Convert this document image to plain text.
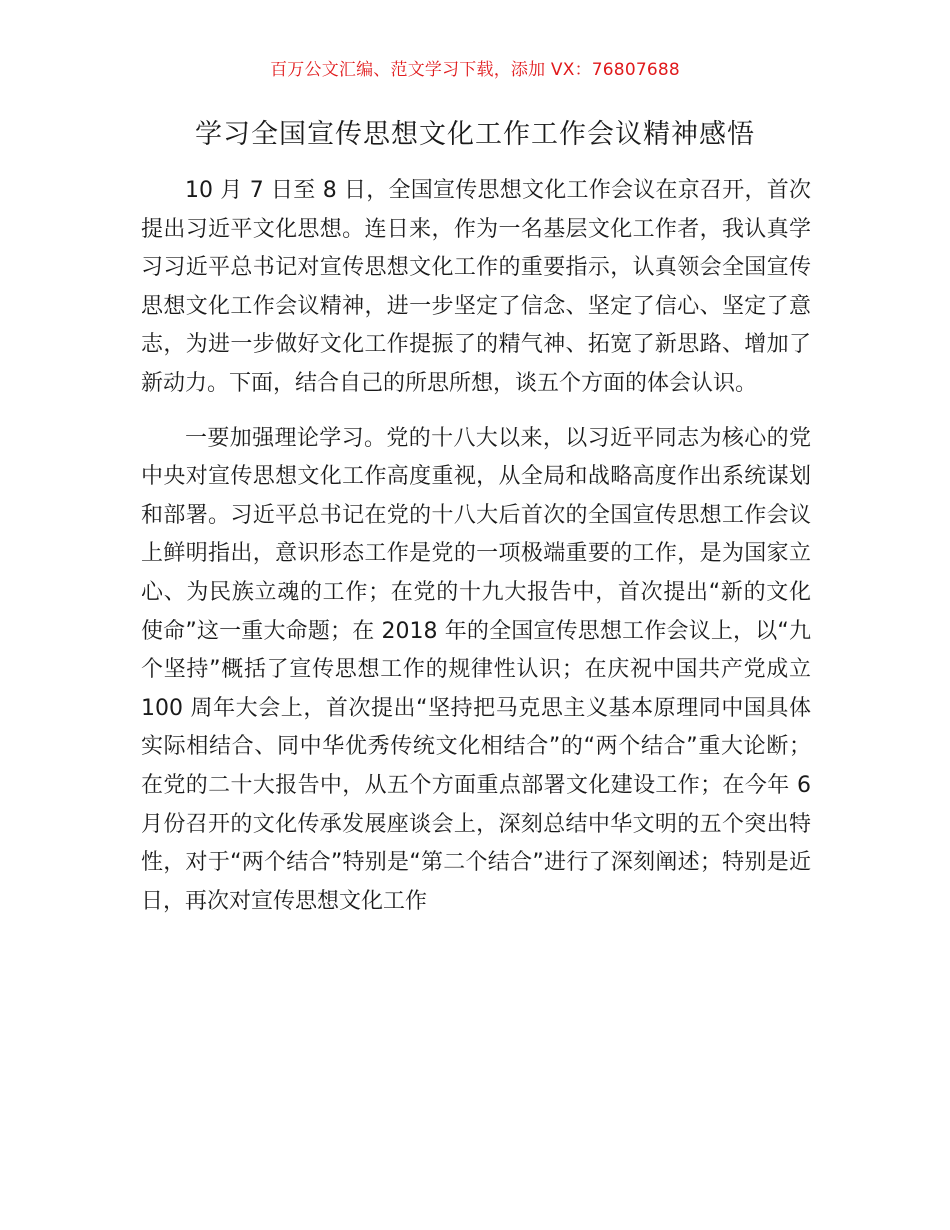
百万公文汇编、范文学习下载，添加 VX：76807688
学习全国宣传思想文化工作工作会议精神感悟

10 月 7 日至 8 日，全国宣传思想文化工作会议在京召开，首次提出习近平文化思想。连日来，作为一名基层文化工作者，我认真学习习近平总书记对宣传思想文化工作的重要指示，认真领会全国宣传思想文化工作会议精神，进一步坚定了信念、坚定了信心、坚定了意志，为进一步做好文化工作提振了的精气神、拓宽了新思路、增加了新动力。下面，结合自己的所思所想，谈五个方面的体会认识。

一要加强理论学习。党的十八大以来，以习近平同志为核心的党中央对宣传思想文化工作高度重视，从全局和战略高度作出系统谋划和部署。习近平总书记在党的十八大后首次的全国宣传思想工作会议上鲜明指出，意识形态工作是党的一项极端重要的工作，是为国家立心、为民族立魂的工作；在党的十九大报告中，首次提出“新的文化使命”这一重大命题；在 2018 年的全国宣传思想工作会议上，以“九个坚持”概括了宣传思想工作的规律性认识；在庆祝中国共产党成立 100 周年大会上，首次提出“坚持把马克思主义基本原理同中国具体实际相结合、同中华优秀传统文化相结合”的“两个结合”重大论断；在党的二十大报告中，从五个方面重点部署文化建设工作；在今年 6 月份召开的文化传承发展座谈会上，深刻总结中华文明的五个突出特性，对于“两个结合”特别是“第二个结合”进行了深刻阐述；特别是近日，再次对宣传思想文化工作
